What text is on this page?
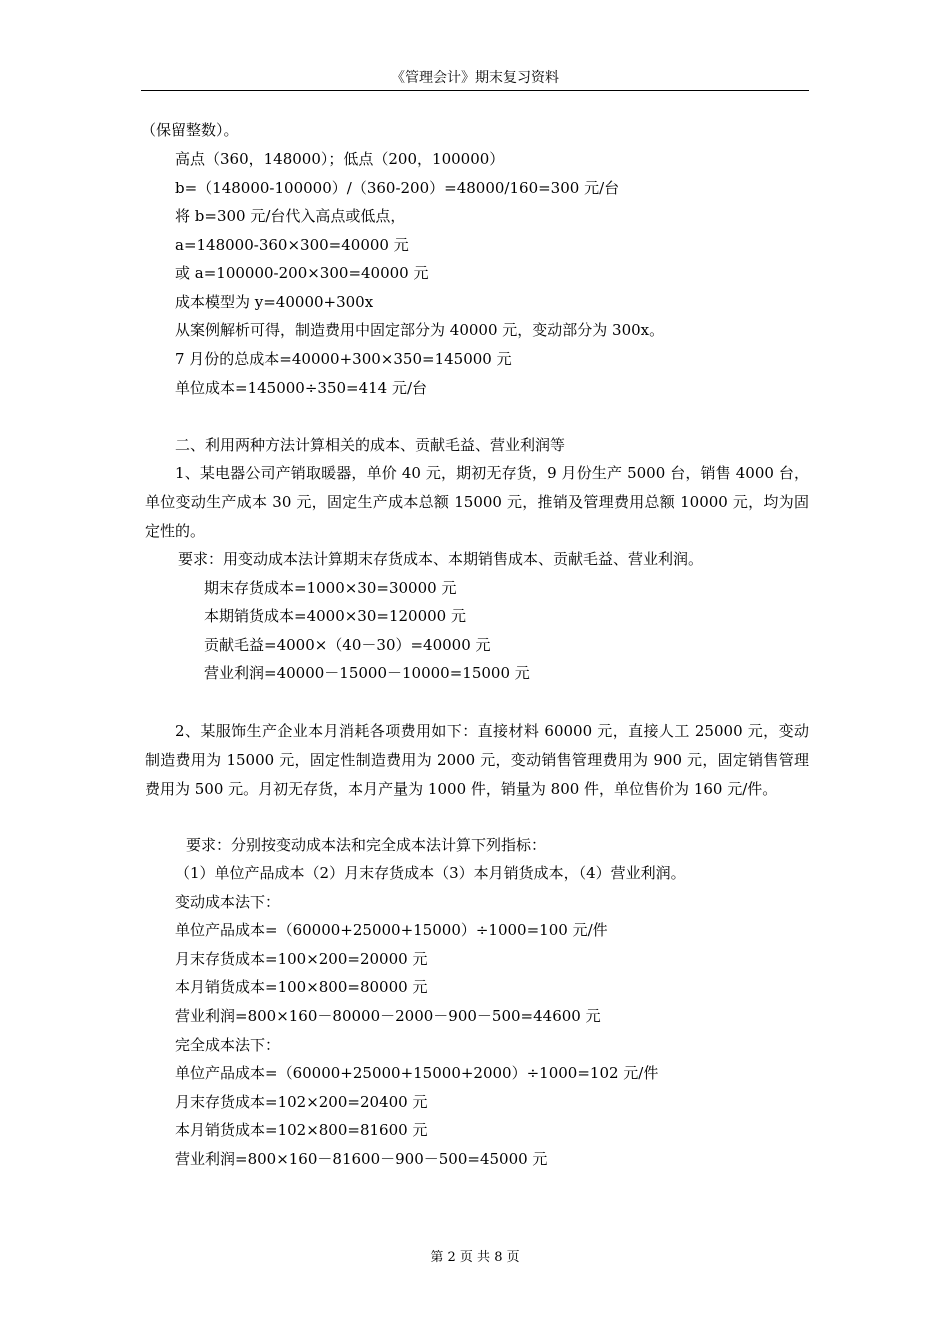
《管理会计》期末复习资料
（保留整数）。
高点（360，148000）；低点（200，100000）
b=（148000-100000）/（360-200）=48000/160=300 元/台
将 b=300 元/台代入高点或低点，
a=148000-360×300=40000 元
或 a=100000-200×300=40000 元
成本模型为 y=40000+300x
从案例解析可得，制造费用中固定部分为 40000 元，变动部分为 300x。
7 月份的总成本=40000+300×350=145000 元
单位成本=145000÷350=414 元/台
二、利用两种方法计算相关的成本、贡献毛益、营业利润等
1、某电器公司产销取暖器，单价 40 元，期初无存货，9 月份生产 5000 台，销售 4000 台，单位变动生产成本 30 元，固定生产成本总额 15000 元，推销及管理费用总额 10000 元，均为固定性的。
要求：用变动成本法计算期末存货成本、本期销售成本、贡献毛益、营业利润。
期末存货成本=1000×30=30000 元
本期销货成本=4000×30=120000 元
贡献毛益=4000×（40－30）=40000 元
营业利润=40000－15000－10000=15000 元
2、某服饰生产企业本月消耗各项费用如下：直接材料 60000 元，直接人工 25000 元，变动制造费用为 15000 元，固定性制造费用为 2000 元，变动销售管理费用为 900 元，固定销售管理费用为 500 元。月初无存货，本月产量为 1000 件，销量为 800 件，单位售价为 160 元/件。
要求：分别按变动成本法和完全成本法计算下列指标：
（1）单位产品成本（2）月末存货成本（3）本月销货成本，（4）营业利润。
变动成本法下：
单位产品成本=（60000+25000+15000）÷1000=100 元/件
月末存货成本=100×200=20000 元
本月销货成本=100×800=80000 元
营业利润=800×160－80000－2000－900－500=44600 元
完全成本法下：
单位产品成本=（60000+25000+15000+2000）÷1000=102 元/件
月末存货成本=102×200=20400 元
本月销货成本=102×800=81600 元
营业利润=800×160－81600－900－500=45000 元
第 2 页 共 8 页
